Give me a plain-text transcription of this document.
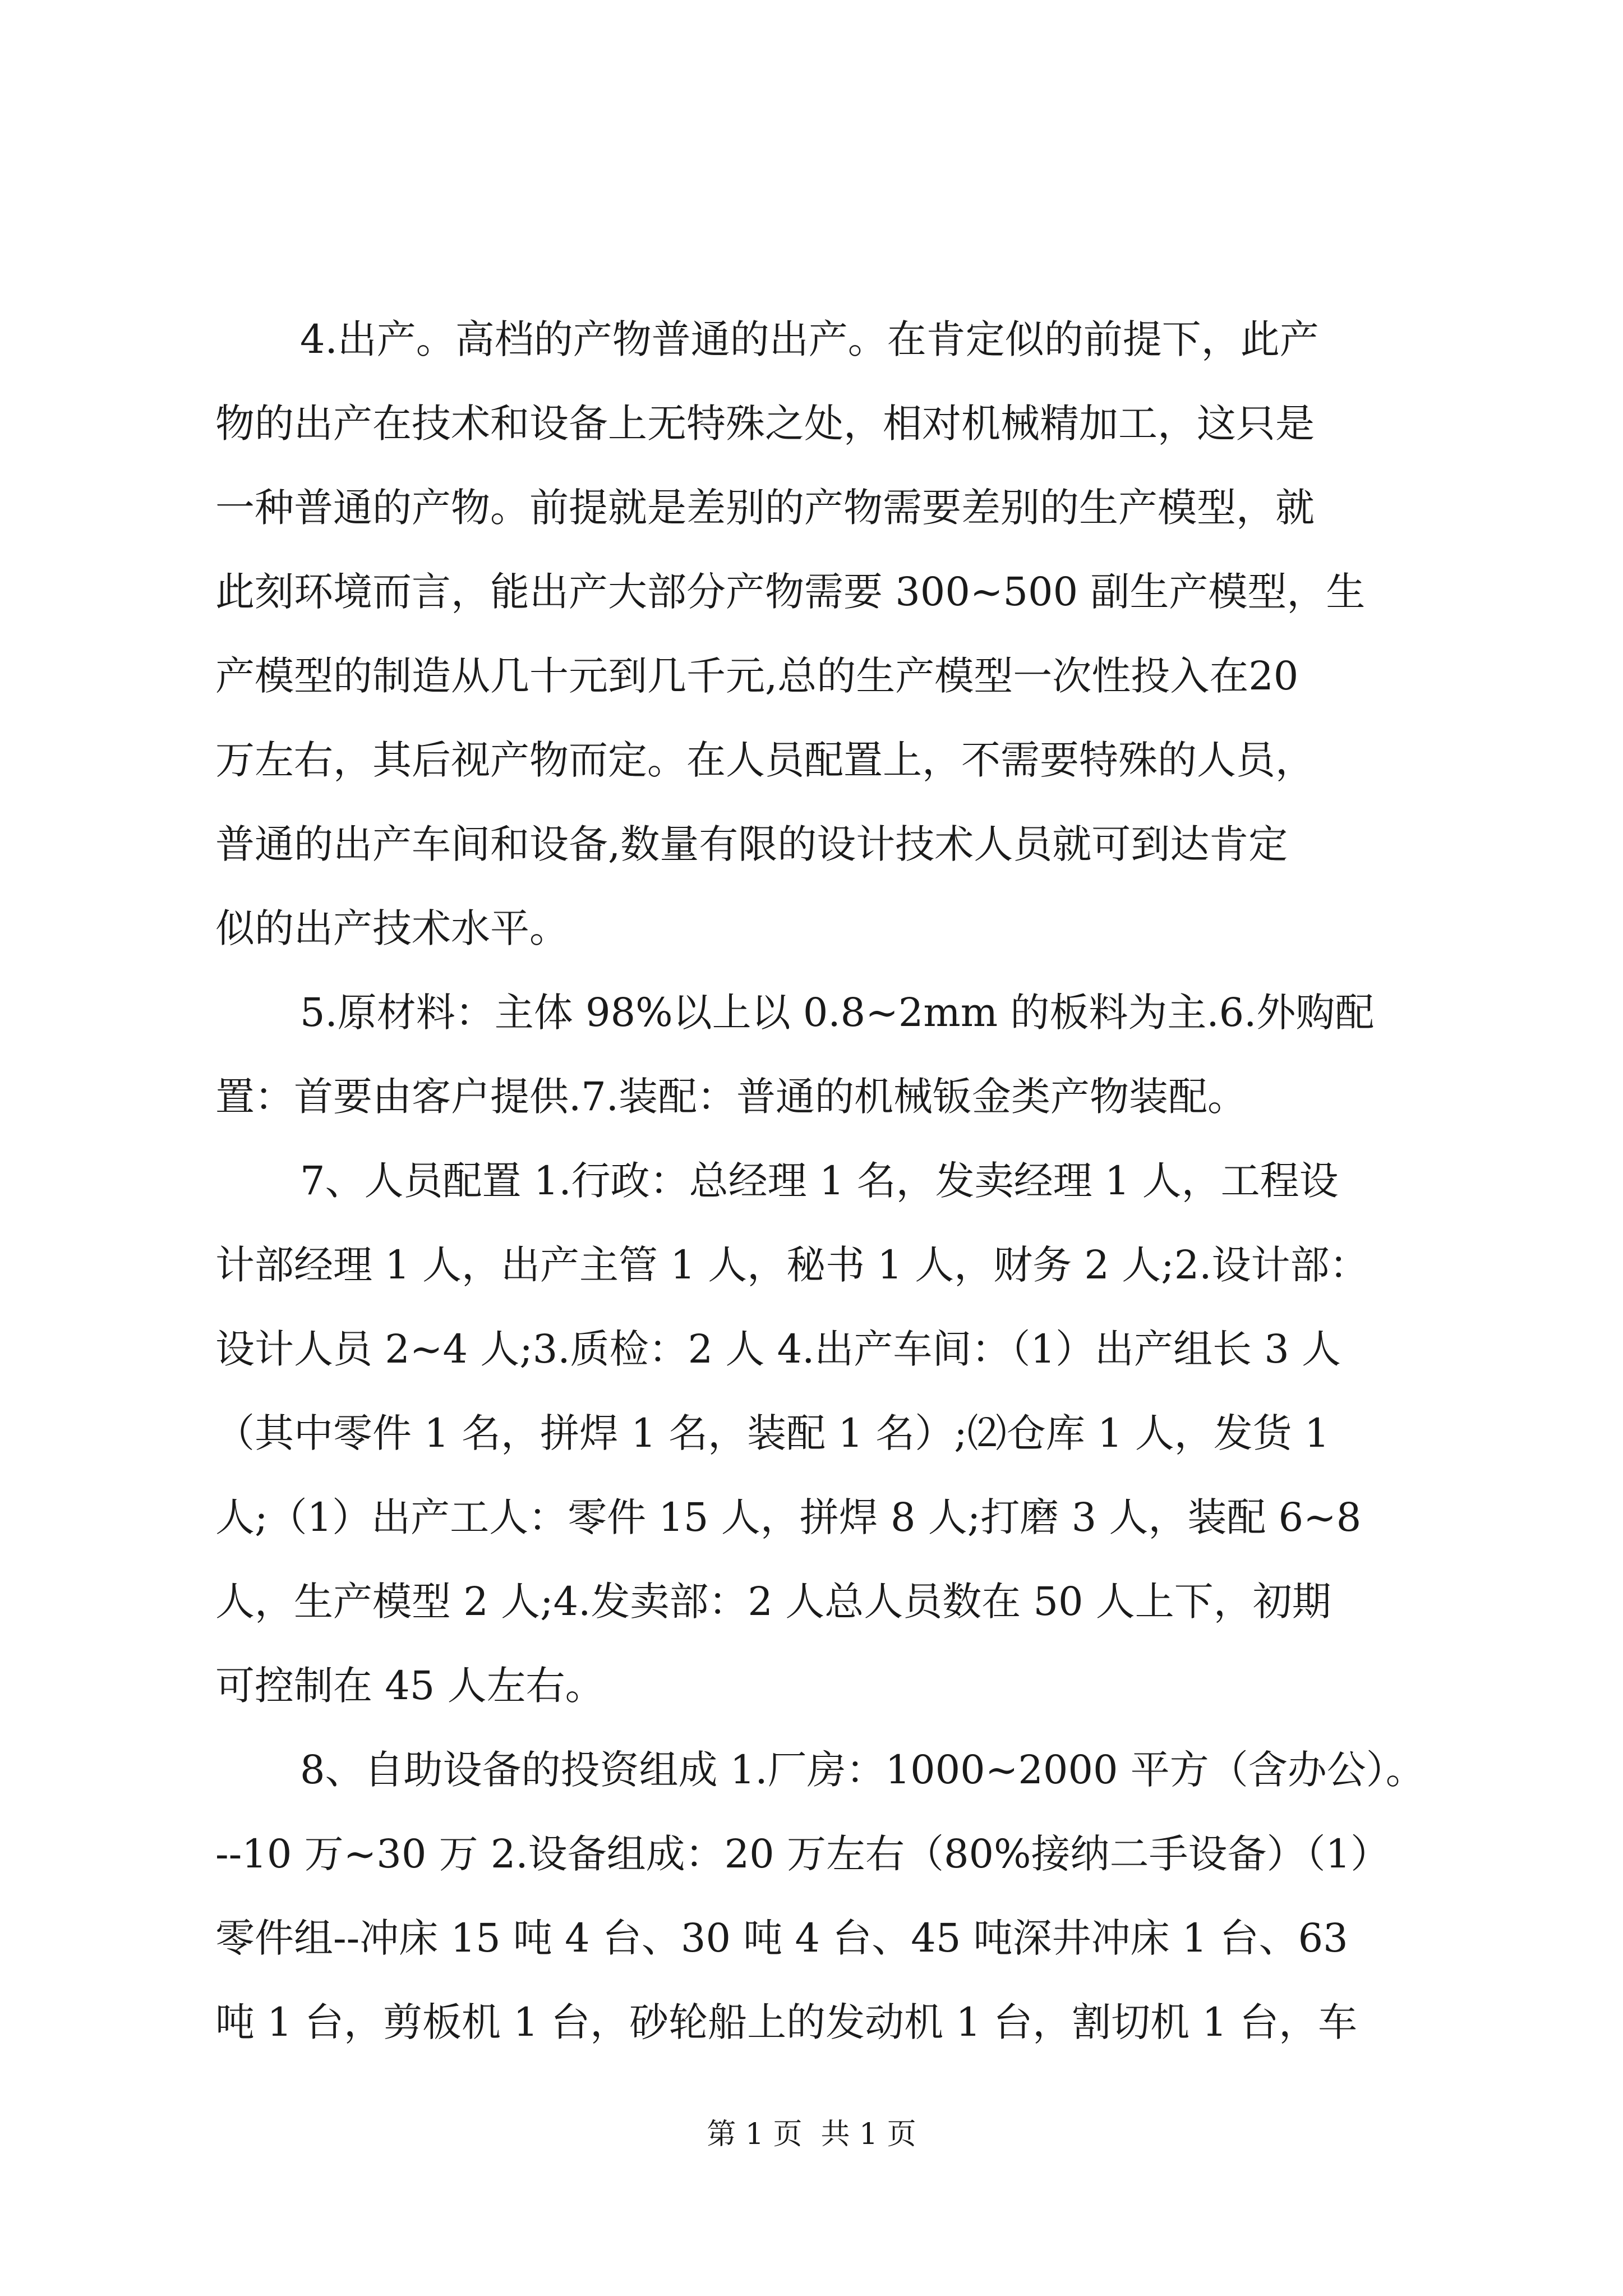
4.出产。高档的产物普通的出产。在肯定似的前提下，此产
物的出产在技术和设备上无特殊之处，相对机械精加工，这只是
一种普通的产物。前提就是差别的产物需要差别的生产模型，就
此刻环境而言，能出产大部分产物需要 300~500 副生产模型，生
产模型的制造从几十元到几千元,总的生产模型一次性投入在20
万左右，其后视产物而定。在人员配置上，不需要特殊的人员，
普通的出产车间和设备,数量有限的设计技术人员就可到达肯定
似的出产技术水平。
5.原材料：主体 98%以上以 0.8~2mm 的板料为主.6.外购配
置：首要由客户提供.7.装配：普通的机械钣金类产物装配。
7、人员配置 1.行政：总经理 1 名，发卖经理 1 人，工程设
计部经理 1 人，出产主管 1 人，秘书 1 人，财务 2 人;2.设计部：
设计人员 2~4 人;3.质检：2 人 4.出产车间：（1）出产组长 3 人
（其中零件 1 名，拼焊 1 名，装配 1 名）;⑵仓库 1 人，发货 1
人;（1）出产工人：零件 15 人，拼焊 8 人;打磨 3 人，装配 6~8
人，生产模型 2 人;4.发卖部：2 人总人员数在 50 人上下，初期
可控制在 45 人左右。
8、自助设备的投资组成 1.厂房：1000~2000 平方（含办公）。
--10 万~30 万 2.设备组成：20 万左右（80%接纳二手设备）（1）
零件组--冲床 15 吨 4 台、30 吨 4 台、45 吨深井冲床 1 台、63
吨 1 台，剪板机 1 台，砂轮船上的发动机 1 台，割切机 1 台，车
第 1 页  共 1 页
